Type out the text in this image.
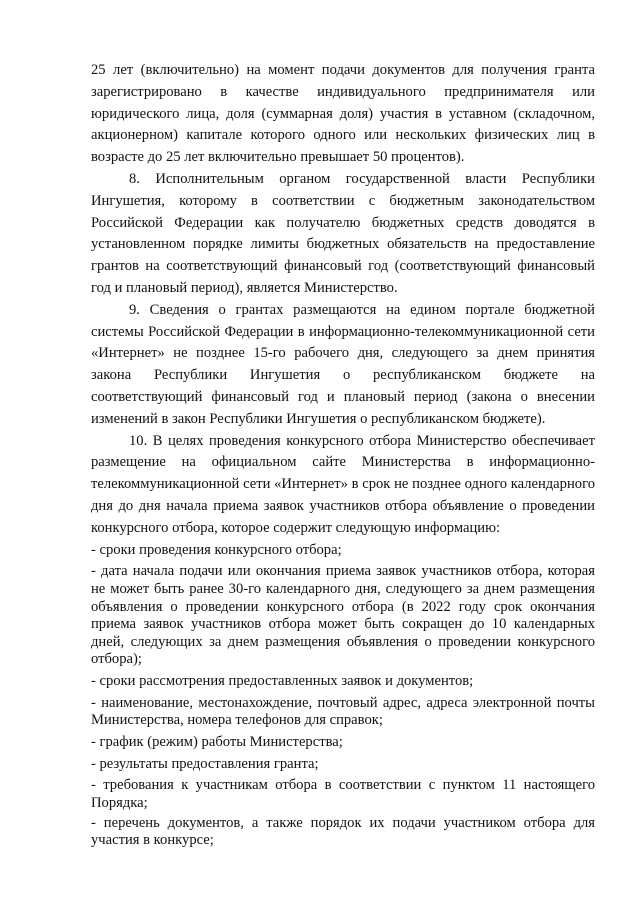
25 лет (включительно) на момент подачи документов для получения гранта зарегистрировано в качестве индивидуального предпринимателя или юридического лица, доля (суммарная доля) участия в уставном (складочном, акционерном) капитале которого одного или нескольких физических лиц в возрасте до 25 лет включительно превышает 50 процентов).

8. Исполнительным органом государственной власти Республики Ингушетия, которому в соответствии с бюджетным законодательством Российской Федерации как получателю бюджетных средств доводятся в установленном порядке лимиты бюджетных обязательств на предоставление грантов на соответствующий финансовый год (соответствующий финансовый год и плановый период), является Министерство.

9. Сведения о грантах размещаются на едином портале бюджетной системы Российской Федерации в информационно-телекоммуникационной сети «Интернет» не позднее 15-го рабочего дня, следующего за днем принятия закона Республики Ингушетия о республиканском бюджете на соответствующий финансовый год и плановый период (закона о внесении изменений в закон Республики Ингушетия о республиканском бюджете).

10. В целях проведения конкурсного отбора Министерство обеспечивает размещение на официальном сайте Министерства в информационно-телекоммуникационной сети «Интернет» в срок не позднее одного календарного дня до дня начала приема заявок участников отбора объявление о проведении конкурсного отбора, которое содержит следующую информацию:

- сроки проведения конкурсного отбора;
- дата начала подачи или окончания приема заявок участников отбора, которая не может быть ранее 30-го календарного дня, следующего за днем размещения объявления о проведении конкурсного отбора (в 2022 году срок окончания приема заявок участников отбора может быть сокращен до 10 календарных дней, следующих за днем размещения объявления о проведении конкурсного отбора);
- сроки рассмотрения предоставленных заявок и документов;
- наименование, местонахождение, почтовый адрес, адреса электронной почты Министерства, номера телефонов для справок;
- график (режим) работы Министерства;
- результаты предоставления гранта;
- требования к участникам отбора в соответствии с пунктом 11 настоящего Порядка;
- перечень документов, а также порядок их подачи участником отбора для участия в конкурсе;
